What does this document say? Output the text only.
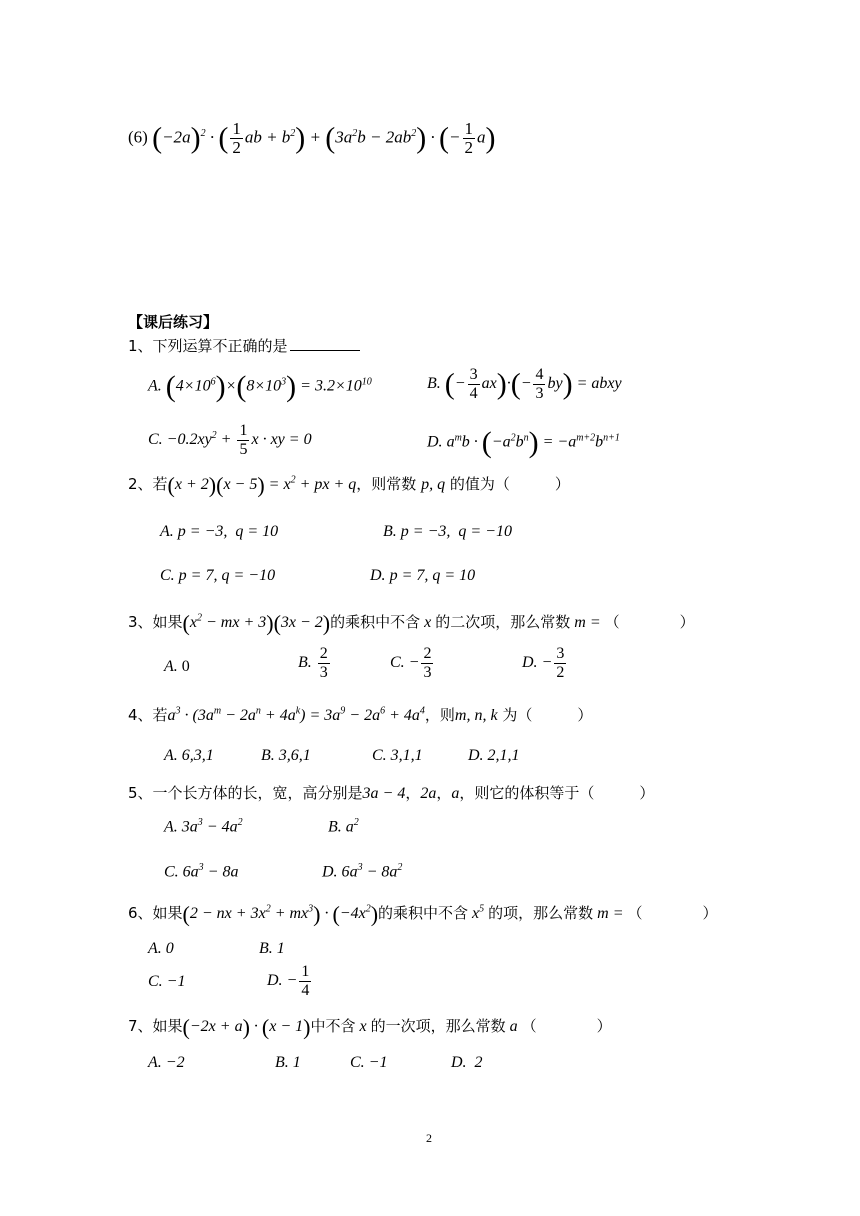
(6) $(-2a)^2$ · ( $\frac{1}{2}$ ab + $b^2) + (3a^2b - 2ab^2)$ · (− $\frac{1}{2} a$)
【课后练习】
1、下列运算不正确的是
A. $(4\times 10^6)\times(8\times 10^3) = 3.2\times 10^{10}$	B. (− $\frac{3}{4} ax)\cdot(- \frac{4}{3} by)$ = abxy
C. $-0.2xy^2 + \frac{1}{5}$ x · xy = 0	D. $a^mb \cdot (-a^2b^n) = -a^{m+2}b^{n+1}$
2、若$(x + 2)(x - 5) = x^2$ + px + q，则常数 p, q 的值为（　　　）
A. p = −3,  q = 10	B. p = −3,  q = −10
C. p = 7, q = −10	D. p = 7, q = 10
3、如果($x^2$ − mx + 3)(3x − 2)的乘积中不含 x 的二次项，那么常数 m = （　　　　）
A. 0	B. $\frac{2}{3}$	C. − $\frac{2}{3}$	D. − $\frac{3}{2}$
4、若$a^3 \cdot (3a^m - 2a^n + 4a^k) = 3a^9 - 2a^6 + 4a^4$，则m, n, k 为（　　　）
A. 6,3,1	B. 3,6,1	C. 3,1,1	D. 2,1,1
5、一个长方体的长，宽，高分别是3a − 4，2a，a，则它的体积等于（　　　）
A. $3a^3 - 4a^2$	B. $a^2$
C. $6a^3 - 8a$	D. $6a^3 - 8a^2$
6、如果(2 − nx + $3x^2 + mx^3) \cdot (-4x^2)$的乘积中不含 $x^5$ 的项，那么常数 m = （　　　　）
A. 0	B. 1
C. −1	D. − $\frac{1}{4}$
7、如果(−2x + a) · (x − 1)中不含 x 的一次项，那么常数 a （　　　　）
A. −2	B. 1	C. −1	D.  2
2
